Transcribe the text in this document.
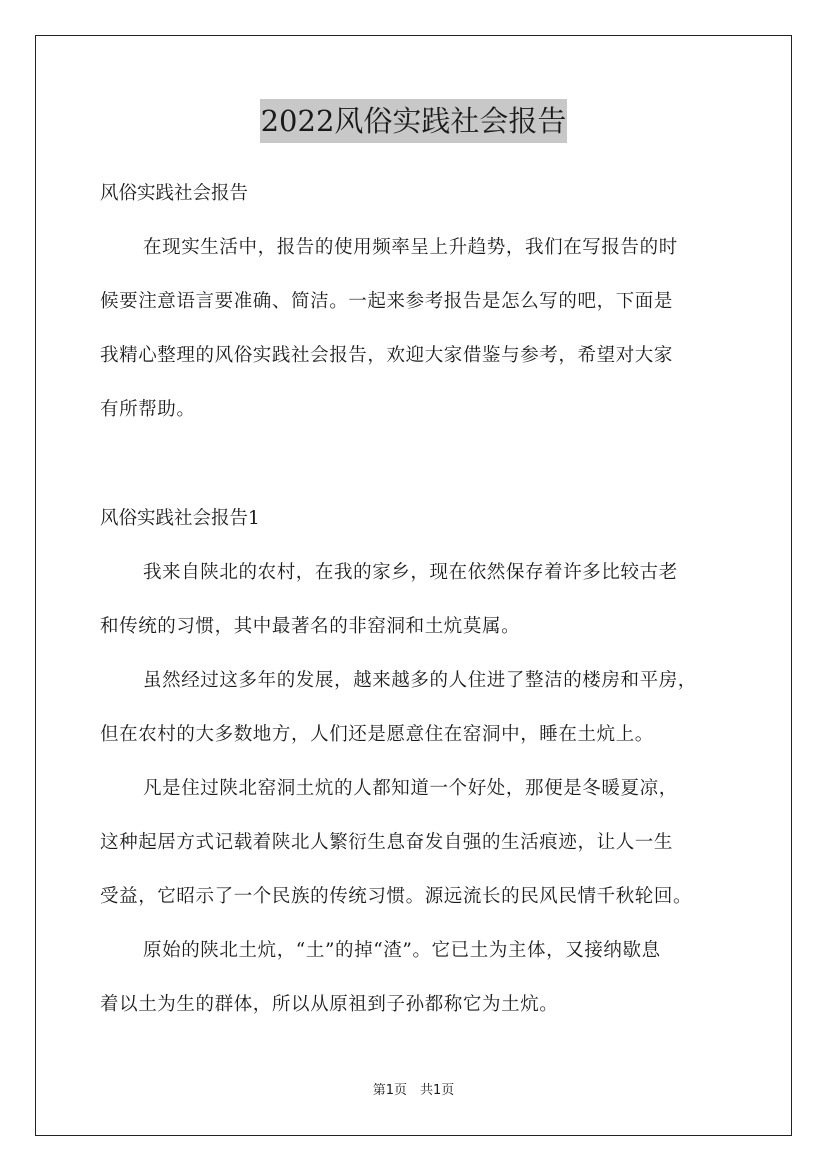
2022风俗实践社会报告

风俗实践社会报告

在现实生活中，报告的使用频率呈上升趋势，我们在写报告的时

候要注意语言要准确、简洁。一起来参考报告是怎么写的吧，下面是

我精心整理的风俗实践社会报告，欢迎大家借鉴与参考，希望对大家

有所帮助。

风俗实践社会报告1

我来自陕北的农村，在我的家乡，现在依然保存着许多比较古老

和传统的习惯，其中最著名的非窑洞和土炕莫属。

虽然经过这多年的发展，越来越多的人住进了整洁的楼房和平房，

但在农村的大多数地方，人们还是愿意住在窑洞中，睡在土炕上。

凡是住过陕北窑洞土炕的人都知道一个好处，那便是冬暖夏凉，

这种起居方式记载着陕北人繁衍生息奋发自强的生活痕迹，让人一生

受益，它昭示了一个民族的传统习惯。源远流长的民风民情千秋轮回。

原始的陕北土炕，“土”的掉“渣”。它已土为主体，又接纳歇息

着以土为生的群体，所以从原祖到子孙都称它为土炕。

第1页　共1页
